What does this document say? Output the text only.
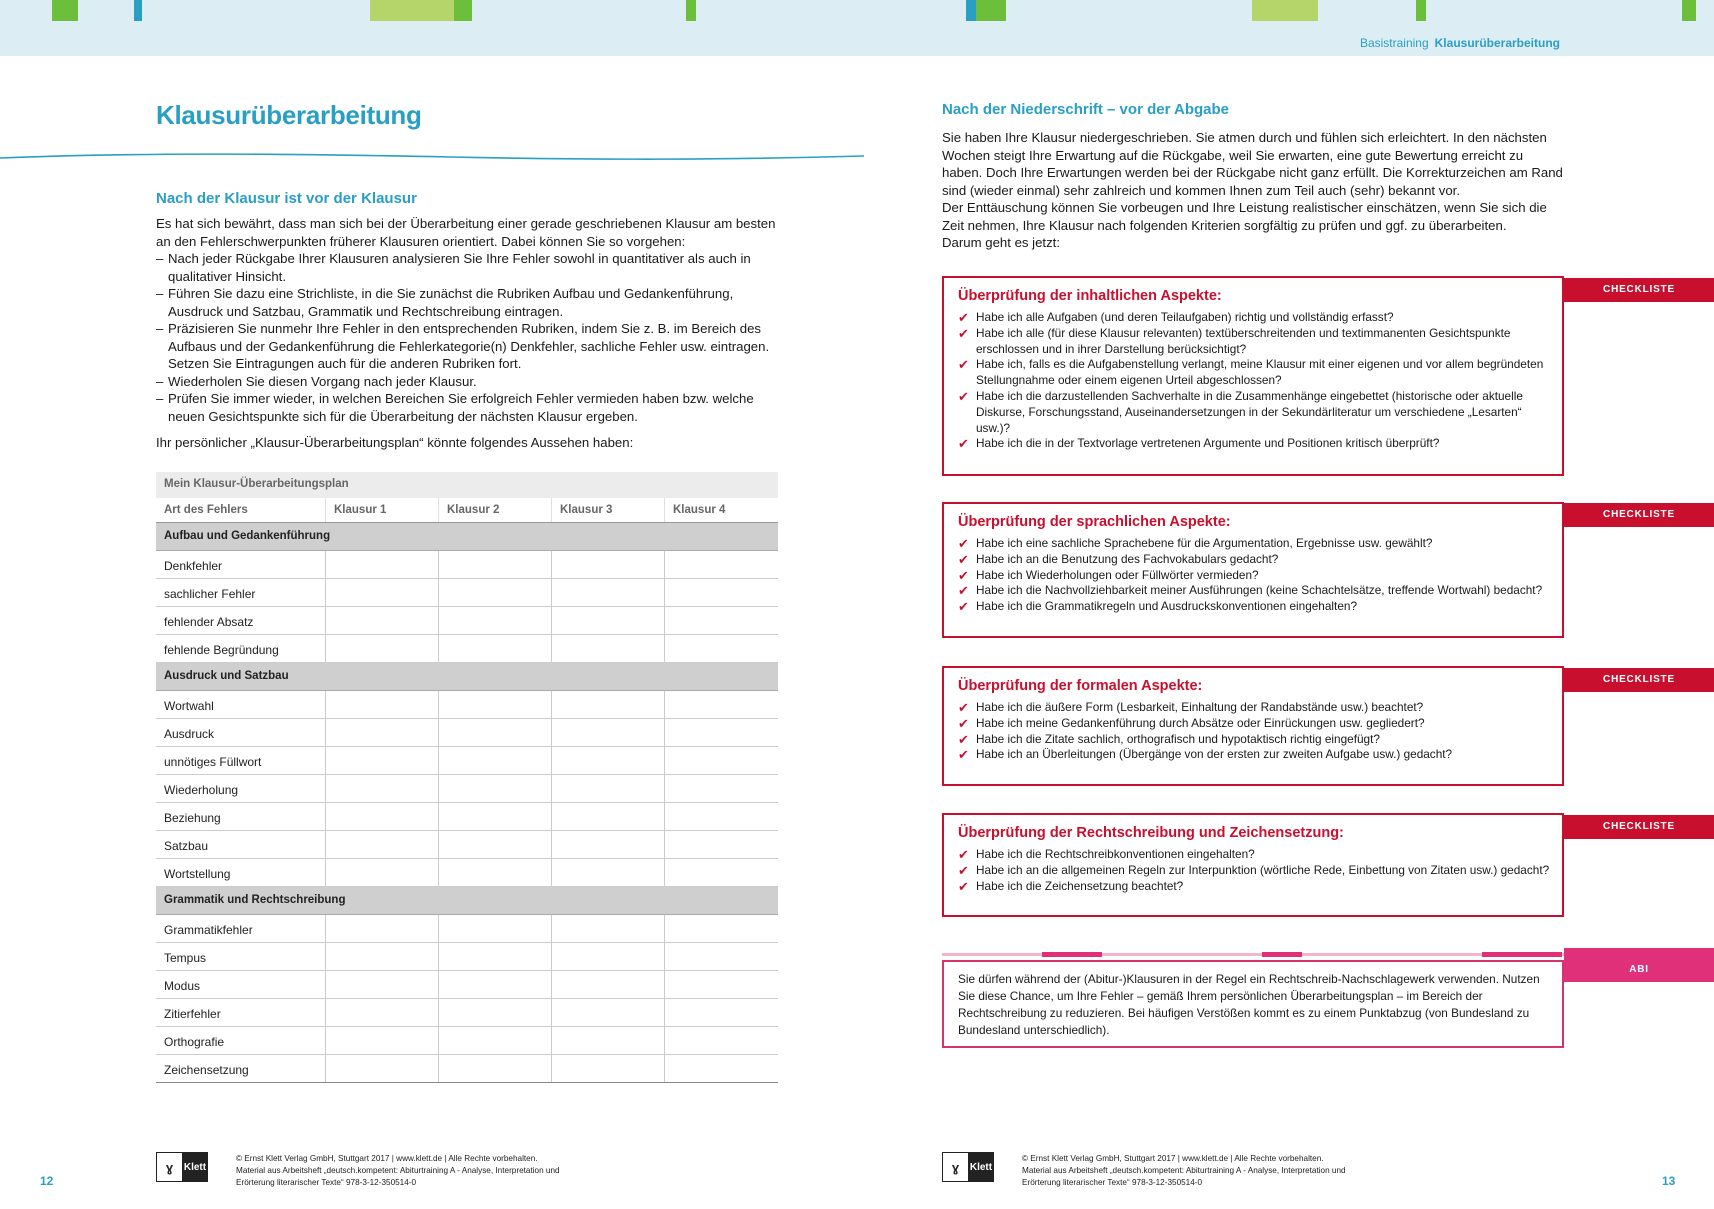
Basistraining Klausurüberarbeitung
Klausurüberarbeitung
Nach der Klausur ist vor der Klausur

Es hat sich bewährt, dass man sich bei der Überarbeitung einer gerade geschriebenen Klausur am besten an den Fehlerschwerpunkten früherer Klausuren orientiert. Dabei können Sie so vorgehen:

– Nach jeder Rückgabe Ihrer Klausuren analysieren Sie Ihre Fehler sowohl in quantitativer als auch in qualitativer Hinsicht.
– Führen Sie dazu eine Strichliste, in die Sie zunächst die Rubriken Aufbau und Gedankenführung, Ausdruck und Satzbau, Grammatik und Rechtschreibung eintragen.
– Präzisieren Sie nunmehr Ihre Fehler in den entsprechenden Rubriken, indem Sie z. B. im Bereich des Aufbaus und der Gedankenführung die Fehlerkategorie(n) Denkfehler, sachliche Fehler usw. eintragen. Setzen Sie Eintragungen auch für die anderen Rubriken fort.
– Wiederholen Sie diesen Vorgang nach jeder Klausur.
– Prüfen Sie immer wieder, in welchen Bereichen Sie erfolgreich Fehler vermieden haben bzw. welche neuen Gesichtspunkte sich für die Überarbeitung der nächsten Klausur ergeben.

Ihr persönlicher „Klausur-Überarbeitungsplan“ könnte folgendes Aussehen haben:

Mein Klausur-Überarbeitungsplan
Art des Fehlers	Klausur 1	Klausur 2	Klausur 3	Klausur 4
Aufbau und Gedankenführung
Denkfehler
sachlicher Fehler
fehlender Absatz
fehlende Begründung
Ausdruck und Satzbau
Wortwahl
Ausdruck
unnötiges Füllwort
Wiederholung
Beziehung
Satzbau
Wortstellung
Grammatik und Rechtschreibung
Grammatikfehler
Tempus
Modus
Zitierfehler
Orthografie
Zeichensetzung
Nach der Niederschrift – vor der Abgabe

Sie haben Ihre Klausur niedergeschrieben. Sie atmen durch und fühlen sich erleichtert. In den nächsten Wochen steigt Ihre Erwartung auf die Rückgabe, weil Sie erwarten, eine gute Bewertung erreicht zu haben. Doch Ihre Erwartungen werden bei der Rückgabe nicht ganz erfüllt. Die Korrekturzeichen am Rand sind (wieder einmal) sehr zahlreich und kommen Ihnen zum Teil auch (sehr) bekannt vor.

Der Enttäuschung können Sie vorbeugen und Ihre Leistung realistischer einschätzen, wenn Sie sich die Zeit nehmen, Ihre Klausur nach folgenden Kriterien sorgfältig zu prüfen und ggf. zu überarbeiten.

Darum geht es jetzt:

Überprüfung der inhaltlichen Aspekte:
✔ Habe ich alle Aufgaben (und deren Teilaufgaben) richtig und vollständig erfasst?
✔ Habe ich alle (für diese Klausur relevanten) textüberschreitenden und textimmanenten Gesichtspunkte erschlossen und in ihrer Darstellung berücksichtigt?
✔ Habe ich, falls es die Aufgabenstellung verlangt, meine Klausur mit einer eigenen und vor allem begründeten Stellungnahme oder einem eigenen Urteil abgeschlossen?
✔ Habe ich die darzustellenden Sachverhalte in die Zusammenhänge eingebettet (historische oder aktuelle Diskurse, Forschungsstand, Auseinandersetzungen in der Sekundärliteratur um verschiedene „Lesarten“ usw.)?
✔ Habe ich die in der Textvorlage vertretenen Argumente und Positionen kritisch überprüft?
CHECKLISTE
Überprüfung der sprachlichen Aspekte:
✔ Habe ich eine sachliche Sprachebene für die Argumentation, Ergebnisse usw. gewählt?
✔ Habe ich an die Benutzung des Fachvokabulars gedacht?
✔ Habe ich Wiederholungen oder Füllwörter vermieden?
✔ Habe ich die Nachvollziehbarkeit meiner Ausführungen (keine Schachtelsätze, treffende Wortwahl) bedacht?
✔ Habe ich die Grammatikregeln und Ausdruckskonventionen eingehalten?
CHECKLISTE
Überprüfung der formalen Aspekte:
✔ Habe ich die äußere Form (Lesbarkeit, Einhaltung der Randabstände usw.) beachtet?
✔ Habe ich meine Gedankenführung durch Absätze oder Einrückungen usw. gegliedert?
✔ Habe ich die Zitate sachlich, orthografisch und hypotaktisch richtig eingefügt?
✔ Habe ich an Überleitungen (Übergänge von der ersten zur zweiten Aufgabe usw.) gedacht?
CHECKLISTE
Überprüfung der Rechtschreibung und Zeichensetzung:
✔ Habe ich die Rechtschreibkonventionen eingehalten?
✔ Habe ich an die allgemeinen Regeln zur Interpunktion (wörtliche Rede, Einbettung von Zitaten usw.) gedacht?
✔ Habe ich die Zeichensetzung beachtet?
CHECKLISTE
Sie dürfen während der (Abitur-)Klausuren in der Regel ein Rechtschreib-Nachschlagewerk verwenden. Nutzen Sie diese Chance, um Ihre Fehler – gemäß Ihrem persönlichen Überarbeitungsplan – im Bereich der Rechtschreibung zu reduzieren. Bei häufigen Verstößen kommt es zu einem Punktabzug (von Bundesland zu Bundesland unterschiedlich).
ABI
12
ɣ	Klett
© Ernst Klett Verlag GmbH, Stuttgart 2017 | www.klett.de | Alle Rechte vorbehalten.
Material aus Arbeitsheft „deutsch.kompetent: Abiturtraining A - Analyse, Interpretation und Erörterung literarischer Texte“ 978-3-12-350514-0
ɣ	Klett
© Ernst Klett Verlag GmbH, Stuttgart 2017 | www.klett.de | Alle Rechte vorbehalten.
Material aus Arbeitsheft „deutsch.kompetent: Abiturtraining A - Analyse, Interpretation und Erörterung literarischer Texte“ 978-3-12-350514-0	13
